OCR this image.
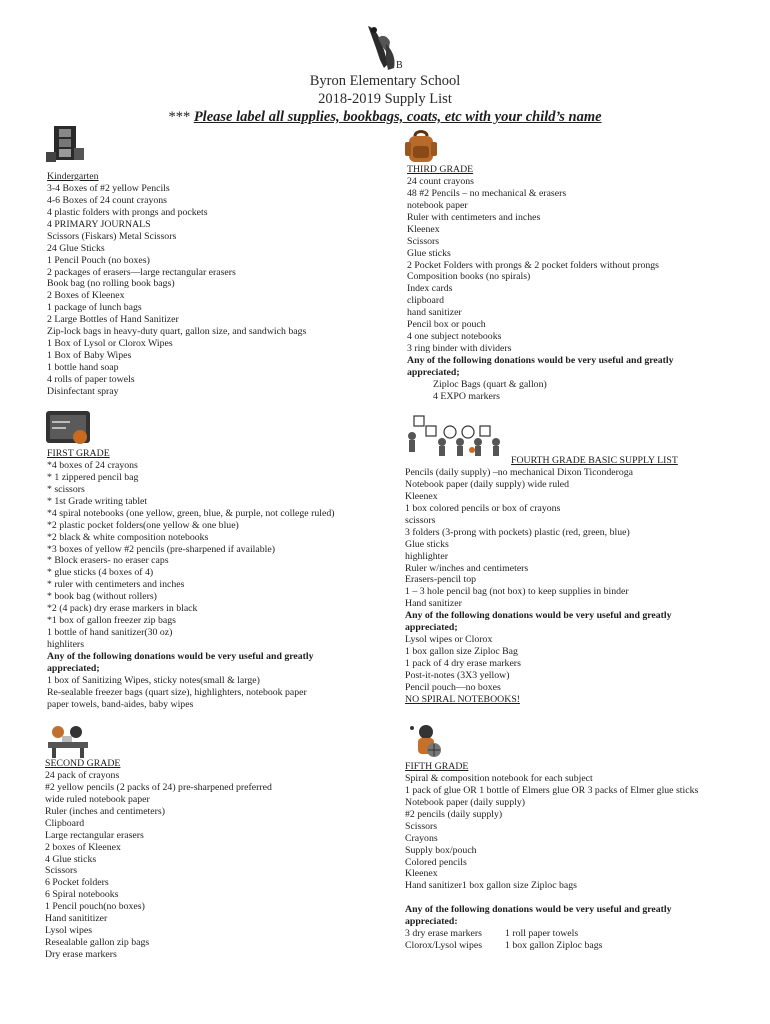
B
Byron Elementary School
2018-2019 Supply List
*** Please label all supplies, bookbags, coats, etc with your child’s name
Kindergarten
3-4 Boxes of #2 yellow Pencils
4-6 Boxes of 24 count crayons
4 plastic folders with prongs and pockets
4 PRIMARY JOURNALS
Scissors (Fiskars) Metal Scissors
24 Glue Sticks
1 Pencil Pouch (no boxes)
2 packages of erasers—large rectangular erasers
Book bag (no rolling book bags)
2 Boxes of Kleenex
1 package of lunch bags
2 Large Bottles of Hand Sanitizer
Zip-lock bags in heavy-duty quart, gallon size, and sandwich bags
1 Box of Lysol or Clorox Wipes
1 Box of Baby Wipes
1 bottle hand soap
4 rolls of paper towels
Disinfectant spray
FIRST GRADE
*4 boxes of 24 crayons
* 1 zippered pencil bag
* scissors
* 1st Grade writing tablet
*4 spiral notebooks (one yellow, green, blue, & purple, not college ruled)
*2 plastic pocket folders(one yellow & one blue)
*2 black & white composition notebooks
*3 boxes of yellow #2 pencils (pre-sharpened if available)
* Block erasers- no eraser caps
* glue sticks (4 boxes of 4)
* ruler with centimeters and inches
* book bag (without rollers)
*2 (4 pack) dry erase markers in black
*1 box of gallon freezer zip bags
1 bottle of hand sanitizer(30 oz)
highliters
Any of the following donations would be very useful and greatly
appreciated;
1 box of Sanitizing Wipes, sticky notes(small & large)
Re-sealable freezer bags (quart size), highlighters, notebook paper
paper towels, band-aides, baby wipes
SECOND GRADE
24 pack of crayons
#2 yellow pencils (2 packs of 24) pre-sharpened preferred
wide ruled notebook paper
Ruler (inches and centimeters)
Clipboard
Large rectangular erasers
2 boxes of Kleenex
4 Glue sticks
Scissors
6 Pocket folders
6 Spiral notebooks
1 Pencil pouch(no boxes)
Hand sanititizer
Lysol wipes
Resealable gallon zip bags
Dry erase markers
THIRD GRADE
24 count crayons
48 #2 Pencils – no mechanical & erasers
notebook paper
Ruler with centimeters and inches
Kleenex
Scissors
Glue sticks
2 Pocket Folders with prongs & 2 pocket folders without prongs
Composition books (no spirals)
Index cards
clipboard
hand sanitizer
Pencil box or pouch
4 one subject notebooks
3 ring binder with dividers
Any of the following donations would be very useful and greatly
appreciated;
Ziploc Bags (quart & gallon)
4 EXPO markers
FOURTH GRADE BASIC SUPPLY LIST
Pencils (daily supply) –no mechanical Dixon Ticonderoga
Notebook paper (daily supply) wide ruled
Kleenex
1 box colored pencils or box of crayons
scissors
3 folders (3-prong with pockets) plastic (red, green, blue)
Glue sticks
highlighter
Ruler w/inches and centimeters
Erasers-pencil top
1 – 3 hole pencil bag (not box) to keep supplies in binder
Hand sanitizer
Any of the following donations would be very useful and greatly
appreciated;
Lysol wipes or Clorox
1 box gallon size Ziploc Bag
1 pack of 4 dry erase markers
Post-it-notes (3X3 yellow)
Pencil pouch—no boxes
NO SPIRAL NOTEBOOKS!
FIFTH GRADE
Spiral & composition notebook for each subject
1 pack of glue OR 1 bottle of Elmers glue OR 3 packs of Elmer glue sticks
Notebook paper (daily supply)
#2 pencils (daily supply)
Scissors
Crayons
Supply box/pouch
Colored pencils
Kleenex
Hand sanitizer1 box gallon size Ziploc bags
Any of the following donations would be very useful and greatly
appreciated:
3 dry erase markers 1 roll paper towels
Clorox/Lysol wipes 1 box gallon Ziploc bags
